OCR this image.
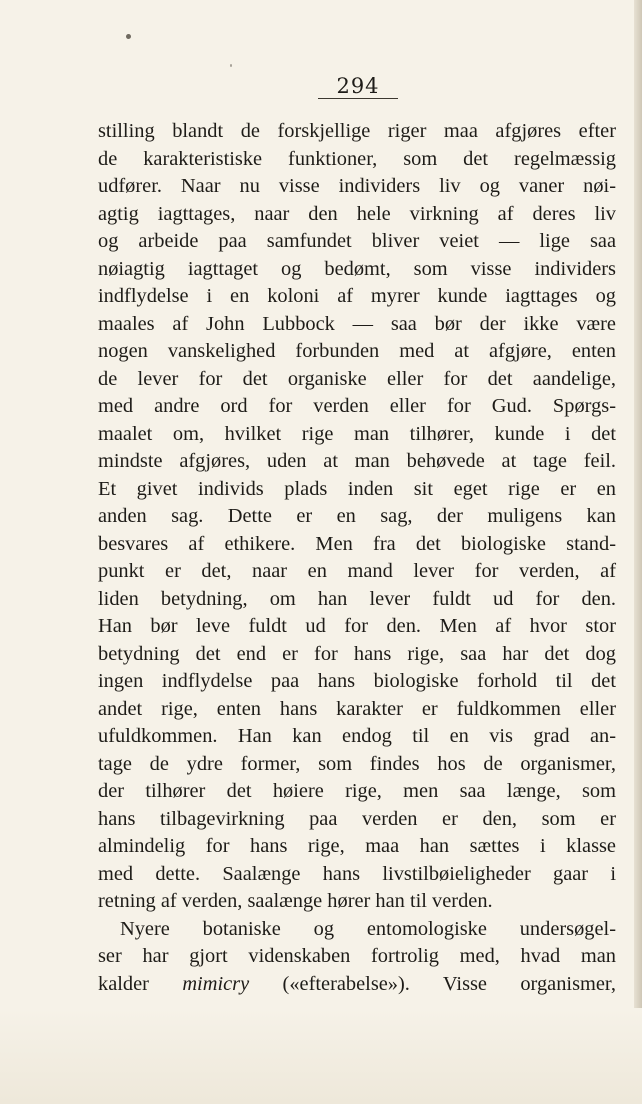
294
stilling blandt de forskjellige riger maa afgjøres efter
de karakteristiske funktioner, som det regelmæssig
udfører. Naar nu visse individers liv og vaner nøi-
agtig iagttages, naar den hele virkning af deres liv
og arbeide paa samfundet bliver veiet — lige saa
nøiagtig iagttaget og bedømt, som visse individers
indflydelse i en koloni af myrer kunde iagttages og
maales af John Lubbock — saa bør der ikke være
nogen vanskelighed forbunden med at afgjøre, enten
de lever for det organiske eller for det aandelige,
med andre ord for verden eller for Gud. Spørgs-
maalet om, hvilket rige man tilhører, kunde i det
mindste afgjøres, uden at man behøvede at tage feil.
Et givet individs plads inden sit eget rige er en
anden sag. Dette er en sag, der muligens kan
besvares af ethikere. Men fra det biologiske stand-
punkt er det, naar en mand lever for verden, af
liden betydning, om han lever fuldt ud for den.
Han bør leve fuldt ud for den. Men af hvor stor
betydning det end er for hans rige, saa har det dog
ingen indflydelse paa hans biologiske forhold til det
andet rige, enten hans karakter er fuldkommen eller
ufuldkommen. Han kan endog til en vis grad an-
tage de ydre former, som findes hos de organismer,
der tilhører det høiere rige, men saa længe, som
hans tilbagevirkning paa verden er den, som er
almindelig for hans rige, maa han sættes i klasse
med dette. Saalænge hans livstilbøieligheder gaar i
retning af verden, saalænge hører han til verden.
Nyere botaniske og entomologiske undersøgel-
ser har gjort videnskaben fortrolig med, hvad man
kalder mimicry («efterabelse»). Visse organismer,
